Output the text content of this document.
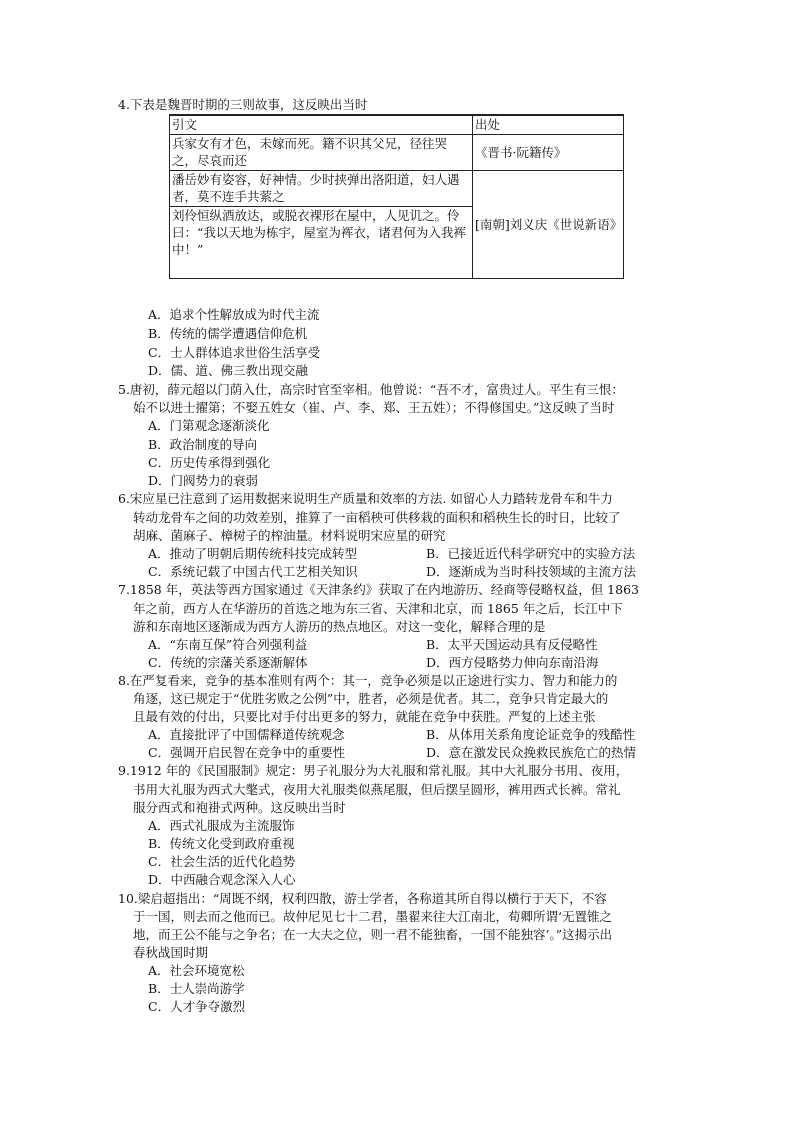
4.下表是魏晋时期的三则故事，这反映出当时
引文	出处
兵家女有才色，未嫁而死。籍不识其父兄，径往哭之，尽哀而还	《晋书·阮籍传》
潘岳妙有姿容，好神情。少时挟弹出洛阳道，妇人遇者，莫不连手共萦之	[南朝]刘义庆《世说新语》
刘伶恒纵酒放达，或脱衣裸形在屋中，人见讥之。伶曰：“我以天地为栋宇，屋室为裈衣，诸君何为入我裈中！”	
A．追求个性解放成为时代主流
B．传统的儒学遭遇信仰危机
C．士人群体追求世俗生活享受
D．儒、道、佛三教出现交融
5.唐初，薛元超以门荫入仕，高宗时官至宰相。他曾说：“吾不才，富贵过人。平生有三恨：
始不以进士擢第；不娶五姓女（崔、卢、李、郑、王五姓）；不得修国史。”这反映了当时
A．门第观念逐渐淡化
B．政治制度的导向
C．历史传承得到强化
D．门阀势力的衰弱
6.宋应星已注意到了运用数据来说明生产质量和效率的方法. 如留心人力踏转龙骨车和牛力
转动龙骨车之间的功效差别，推算了一亩稻秧可供移栽的面积和稻秧生长的时日，比较了
胡麻、菌麻子、樟树子的榨油量。材料说明宋应星的研究
A．推动了明朝后期传统科技完成转型	B．已接近近代科学研究中的实验方法
C．系统记载了中国古代工艺相关知识	D．逐渐成为当时科技领域的主流方法
7.1858 年，英法等西方国家通过《天津条约》获取了在内地游历、经商等侵略权益，但 1863
年之前，西方人在华游历的首选之地为东三省、天津和北京，而 1865 年之后，长江中下
游和东南地区逐渐成为西方人游历的热点地区。对这一变化，解释合理的是
A．“东南互保”符合列强利益	B．太平天国运动具有反侵略性
C．传统的宗藩关系逐渐解体	D．西方侵略势力伸向东南沿海
8.在严复看来，竞争的基本准则有两个：其一，竞争必须是以正途进行实力、智力和能力的
角逐，这已规定于“优胜劣败之公例”中，胜者，必须是优者。其二，竞争只肯定最大的
且最有效的付出，只要比对手付出更多的努力，就能在竞争中获胜。严复的上述主张
A．直接批评了中国儒释道传统观念	B．从体用关系角度论证竞争的残酷性
C．强调开启民智在竞争中的重要性	D．意在激发民众挽救民族危亡的热情
9.1912 年的《民国服制》规定：男子礼服分为大礼服和常礼服。其中大礼服分书用、夜用，
书用大礼服为西式大氅式，夜用大礼服类似燕尾服，但后摆呈圆形，裤用西式长裤。常礼
服分西式和袍褂式两种。这反映出当时
A．西式礼服成为主流服饰
B．传统文化受到政府重视
C．社会生活的近代化趋势
D．中西融合观念深入人心
10.梁启超指出：“周既不纲，权利四散，游士学者，各称道其所自得以横行于天下，不容
于一国，则去而之他而已。故仲尼见七十二君，墨翟来往大江南北，荀卿所谓‘无置锥之
地，而王公不能与之争名；在一大夫之位，则一君不能独畜，一国不能独容’。”这揭示出
春秋战国时期
A．社会环境宽松
B．士人崇尚游学
C．人才争夺激烈
